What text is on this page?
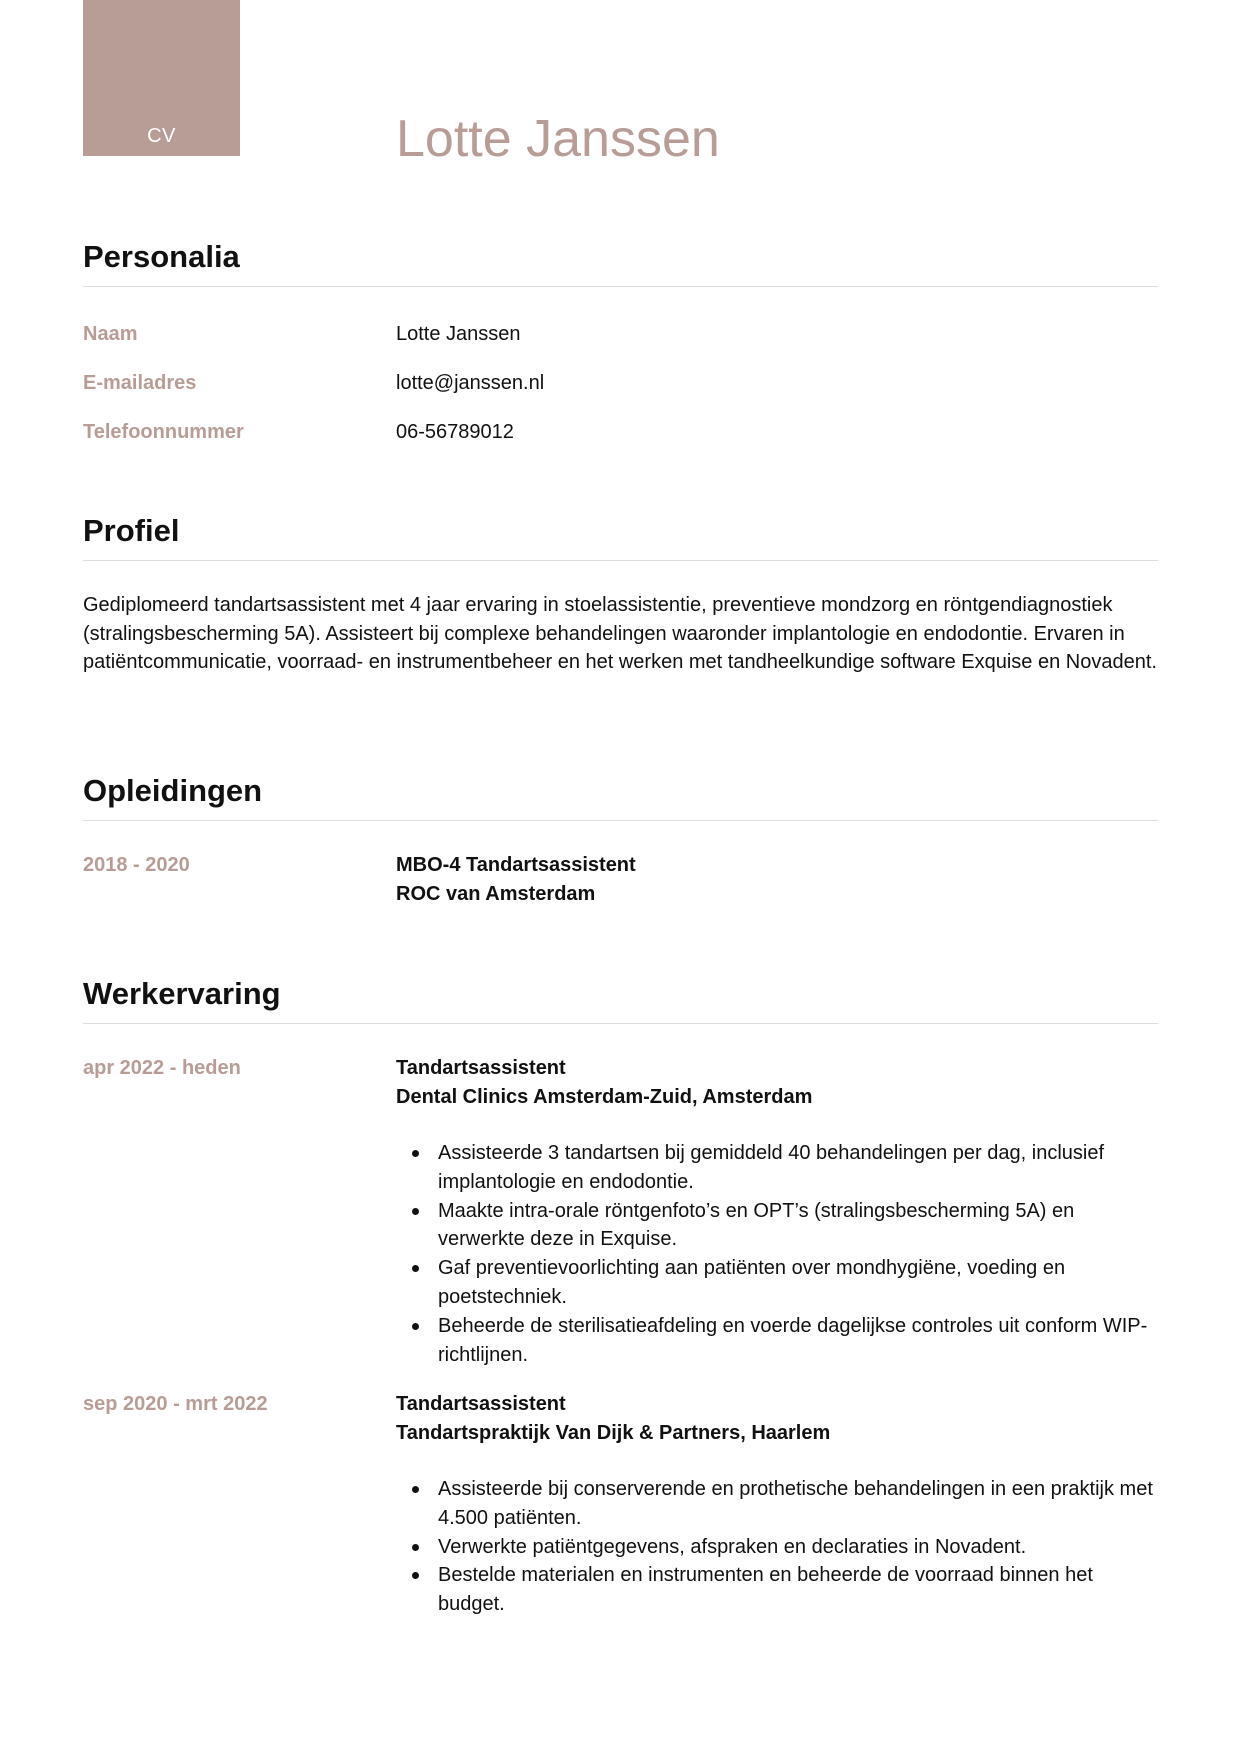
CV	Lotte Janssen
Personalia
Naam	Lotte Janssen
E-mailadres	lotte@janssen.nl
Telefoonnummer	06-56789012
Profiel

Gediplomeerd tandartsassistent met 4 jaar ervaring in stoelassistentie, preventieve mondzorg en röntgendiagnostiek (stralingsbescherming 5A). Assisteert bij complexe behandelingen waaronder implantologie en endodontie. Ervaren in patiëntcommunicatie, voorraad- en instrumentbeheer en het werken met tandheelkundige software Exquise en Novadent.

Opleidingen
2018 - 2020	MBO-4 Tandartsassistent

ROC van Amsterdam

Werkervaring
apr 2022 - heden	Tandartsassistent

Dental Clinics Amsterdam-Zuid, Amsterdam

Assisteerde 3 tandartsen bij gemiddeld 40 behandelingen per dag, inclusief implantologie en endodontie.
Maakte intra-orale röntgenfoto’s en OPT’s (stralingsbescherming 5A) en verwerkte deze in Exquise.
Gaf preventievoorlichting aan patiënten over mondhygiëne, voeding en poetstechniek.
Beheerde de sterilisatieafdeling en voerde dagelijkse controles uit conform WIP-richtlijnen.
sep 2020 - mrt 2022	Tandartsassistent

Tandartspraktijk Van Dijk & Partners, Haarlem

Assisteerde bij conserverende en prothetische behandelingen in een praktijk met 4.500 patiënten.
Verwerkte patiëntgegevens, afspraken en declaraties in Novadent.
Bestelde materialen en instrumenten en beheerde de voorraad binnen het budget.
